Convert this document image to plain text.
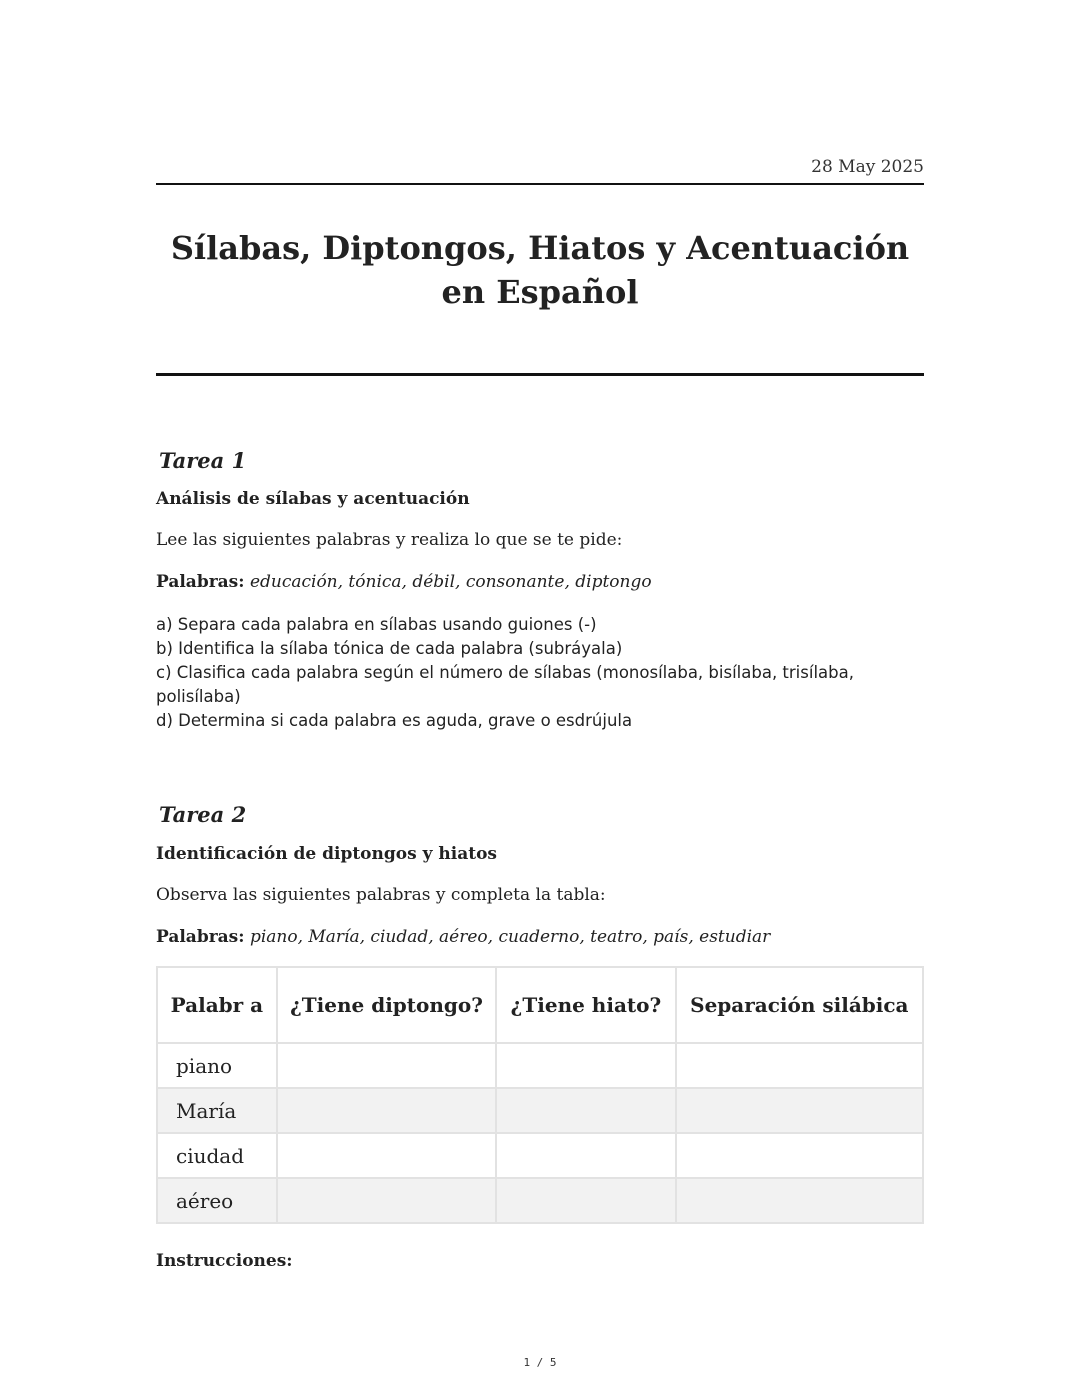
28 May 2025
Sílabas, Diptongos, Hiatos y Acentuación en Español
Tarea 1
Análisis de sílabas y acentuación
Lee las siguientes palabras y realiza lo que se te pide:
Palabras: educación, tónica, débil, consonante, diptongo
a) Separa cada palabra en sílabas usando guiones (-)
b) Identifica la sílaba tónica de cada palabra (subráyala)
c) Clasifica cada palabra según el número de sílabas (monosílaba, bisílaba, trisílaba, polisílaba)
d) Determina si cada palabra es aguda, grave o esdrújula
Tarea 2
Identificación de diptongos y hiatos
Observa las siguientes palabras y completa la tabla:
Palabras: piano, María, ciudad, aéreo, cuaderno, teatro, país, estudiar
Palabr a	¿Tiene diptongo?	¿Tiene hiato?	Separación silábica
piano			
María			
ciudad			
aéreo			
Instrucciones:
1 / 5
